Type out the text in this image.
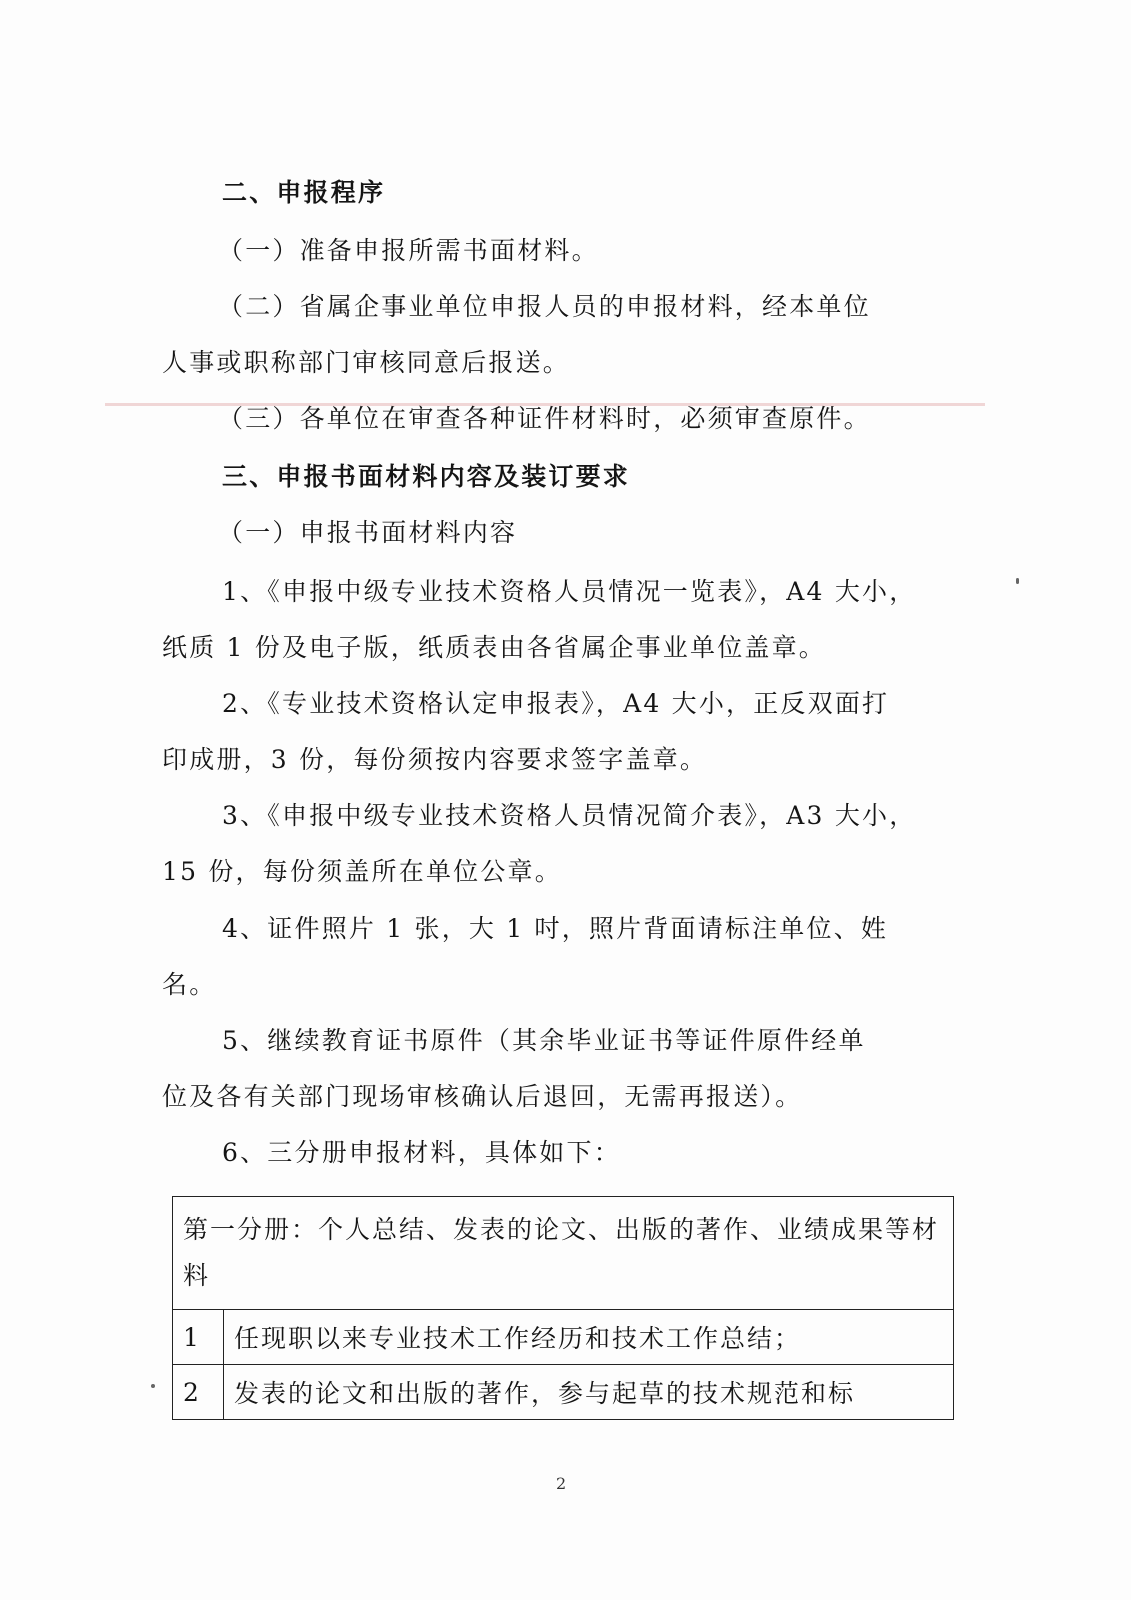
二、申报程序
（一）准备申报所需书面材料。
（二）省属企事业单位申报人员的申报材料，经本单位
人事或职称部门审核同意后报送。
（三）各单位在审查各种证件材料时，必须审查原件。
三、申报书面材料内容及装订要求
（一）申报书面材料内容
1、《申报中级专业技术资格人员情况一览表》，A4 大小，
纸质 1 份及电子版，纸质表由各省属企事业单位盖章。
2、《专业技术资格认定申报表》，A4 大小，正反双面打
印成册，3 份，每份须按内容要求签字盖章。
3、《申报中级专业技术资格人员情况简介表》，A3 大小，
15 份，每份须盖所在单位公章。
4、证件照片 1 张，大 1 吋，照片背面请标注单位、姓
名。
5、继续教育证书原件（其余毕业证书等证件原件经单
位及各有关部门现场审核确认后退回，无需再报送）。
6、三分册申报材料，具体如下：
第一分册：个人总结、发表的论文、出版的著作、业绩成果等材料	
1	任现职以来专业技术工作经历和技术工作总结；
2	发表的论文和出版的著作，参与起草的技术规范和标
2
